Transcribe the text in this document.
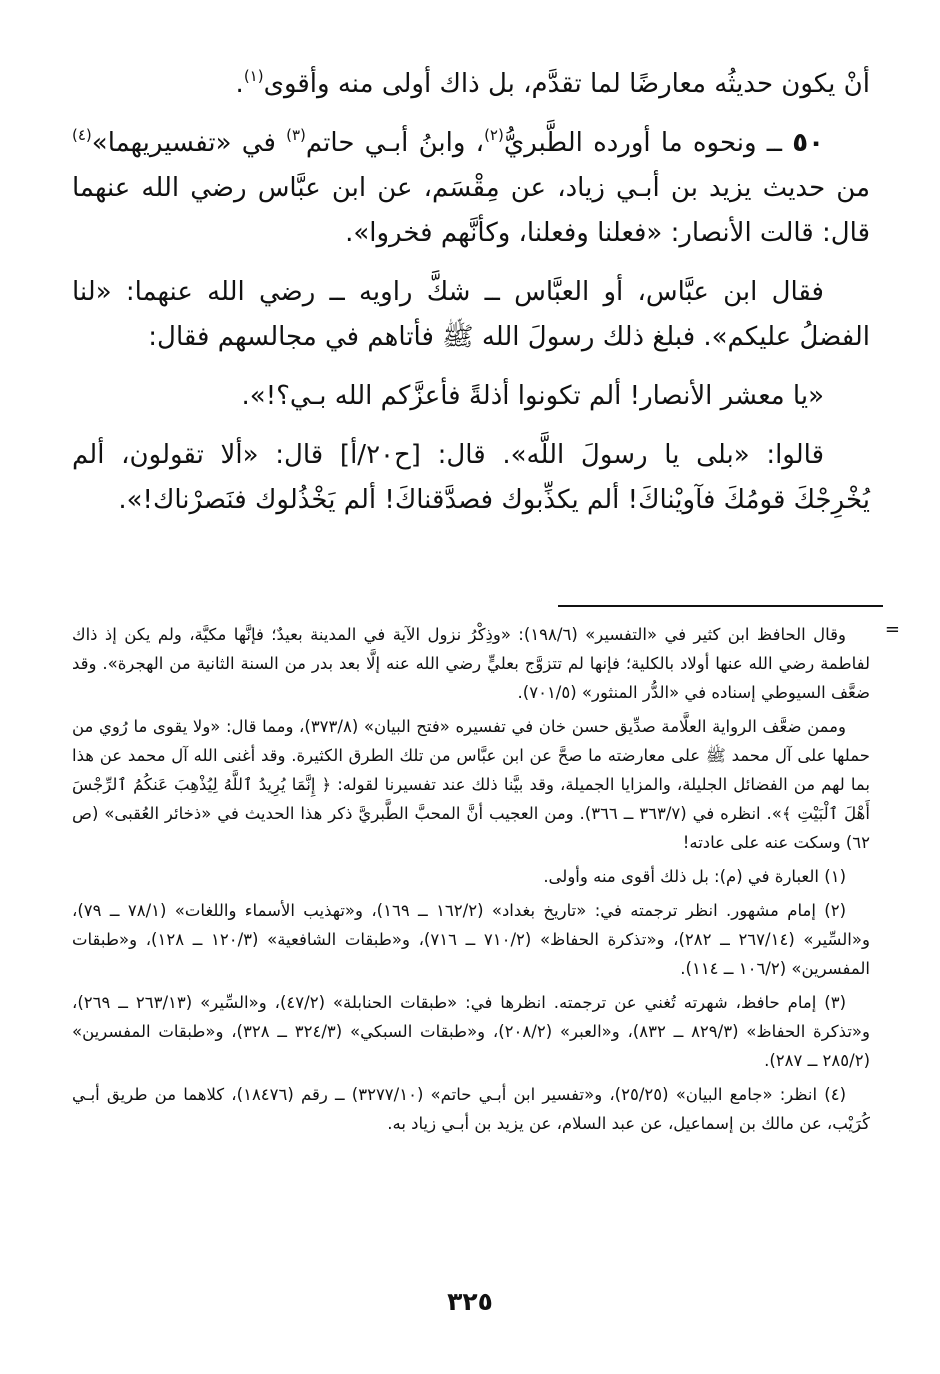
أنْ يكون حديثُه معارضًا لما تقدَّم، بل ذاك أولى منه وأقوى$^{(١)}$.

٥٠ ــ ونحوه ما أورده الطَّبريُّ$^{(٢)}$، وابنُ أبـي حاتم$^{(٣)}$ في «تفسيريهما»$^{(٤)}$ من حديث يزيد بن أبـي زياد، عن مِقْسَم، عن ابن عبَّاس رضي الله عنهما قال: قالت الأنصار: «فعلنا وفعلنا، وكأنَّهم فخروا».

فقال ابن عبَّاس، أو العبَّاس ــ شكَّ راويه ــ رضي الله عنهما: «لنا الفضلُ عليكم». فبلغ ذلك رسولَ الله ﷺ فأتاهم في مجالسهم فقال:

«يا معشر الأنصار! ألم تكونوا أذلةً فأعزَّكم الله بـي؟!».

قالوا: «بلى يا رسولَ اللَّه». قال: [ح٢٠/أ] قال: «ألا تقولون، ألم يُخْرِجْكَ قومُكَ فآويْناكَ! ألم يكذِّبوك فصدَّقناكَ! ألم يَخْذُلوك فنَصرْناك!».

=

وقال الحافظ ابن كثير في «التفسير» (١٩٨/٦): «وذِكْرُ نزول الآية في المدينة بعيدٌ؛ فإنَّها مكيَّة، ولم يكن إذ ذاك لفاطمة رضي الله عنها أولاد بالكلية؛ فإنها لم تتزوَّج بعليٍّ رضي الله عنه إلَّا بعد بدر من السنة الثانية من الهجرة». وقد ضعَّف السيوطي إسناده في «الدُّر المنثور» (٧٠١/٥).

وممن ضعَّف الرواية العلَّامة صدِّيق حسن خان في تفسيره «فتح البيان» (٣٧٣/٨)، ومما قال: «ولا يقوى ما رُوي من حملها على آل محمد ﷺ على معارضته ما صحَّ عن ابن عبَّاس من تلك الطرق الكثيرة. وقد أغنى الله آل محمد عن هذا بما لهم من الفضائل الجليلة، والمزايا الجميلة، وقد بيَّنا ذلك عند تفسيرنا لقوله: ﴿ إِنَّمَا يُرِيدُ ٱللَّهُ لِيُذْهِبَ عَنكُمُ ٱلرِّجْسَ أَهْلَ ٱلْبَيْتِ ﴾». انظره في (٣٦٣/٧ ــ ٣٦٦). ومن العجيب أنَّ المحبَّ الطَّبريَّ ذكر هذا الحديث في «ذخائر العُقبى» (ص ٦٢) وسكت عنه على عادته!

(١) العبارة في (م): بل ذلك أقوى منه وأولى.

(٢) إمام مشهور. انظر ترجمته في: «تاريخ بغداد» (١٦٢/٢ ــ ١٦٩)، و«تهذيب الأسماء واللغات» (٧٨/١ ــ ٧٩)، و«السِّير» (٢٦٧/١٤ ــ ٢٨٢)، و«تذكرة الحفاظ» (٧١٠/٢ ــ ٧١٦)، و«طبقات الشافعية» (١٢٠/٣ ــ ١٢٨)، و«طبقات المفسرين» (١٠٦/٢ ــ ١١٤).

(٣) إمام حافظ، شهرته تُغني عن ترجمته. انظرها في: «طبقات الحنابلة» (٤٧/٢)، و«السِّير» (٢٦٣/١٣ ــ ٢٦٩)، و«تذكرة الحفاظ» (٨٢٩/٣ ــ ٨٣٢)، و«العبر» (٢٠٨/٢)، و«طبقات السبكي» (٣٢٤/٣ ــ ٣٢٨)، و«طبقات المفسرين» (٢٨٥/٢ ــ ٢٨٧).

(٤) انظر: «جامع البيان» (٢٥/٢٥)، و«تفسير ابن أبـي حاتم» (٣٢٧٧/١٠) ــ رقم (١٨٤٧٦)، كلاهما من طريق أبـي كُرَيْب، عن مالك بن إسماعيل، عن عبد السلام، عن يزيد بن أبـي زياد به.

٣٢٥
